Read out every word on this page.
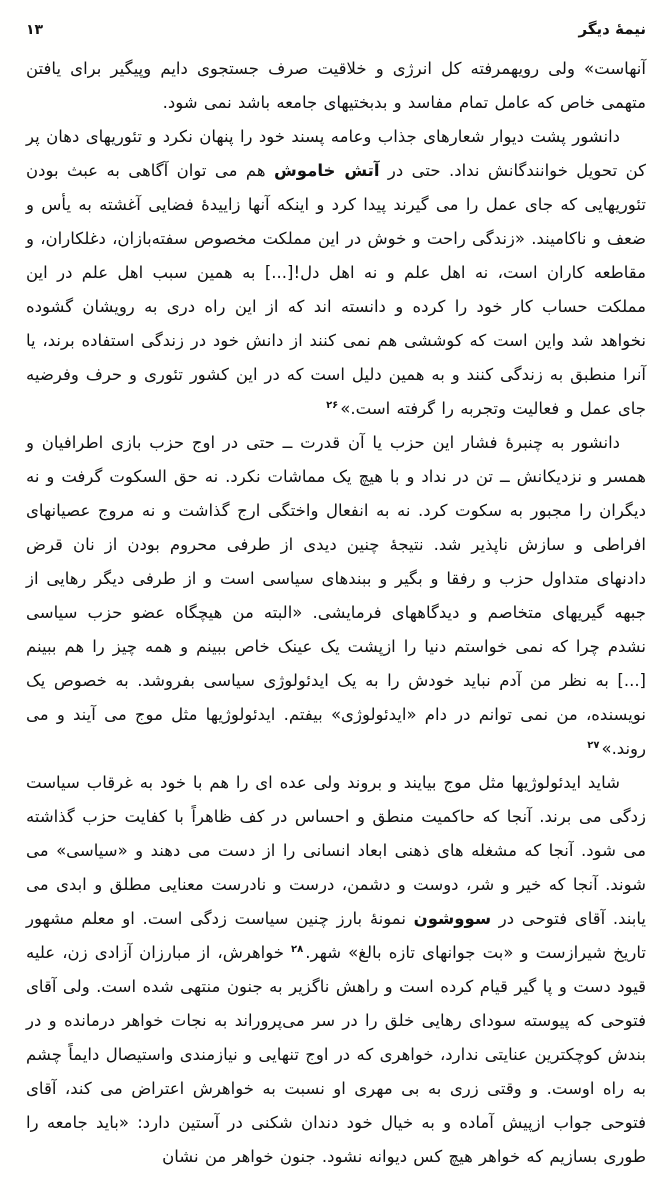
۱۳	نیمهٔ دیگر

آنهاست» ولی رویهمرفته کل انرژی و خلاقیت صرف جستجوی دایم وپیگیر برای یافتن متهمی خاص که عامل تمام مفاسد و بدبختیهای جامعه باشد نمی شود.

دانشور پشت دیوار شعارهای جذاب وعامه پسند خود را پنهان نکرد و تئوریهای دهان پر کن تحویل خوانندگانش نداد. حتی در آتش خاموش هم می توان آگاهی به عبث بودن تئوریهایی که جای عمل را می گیرند پیدا کرد و اینکه آنها زاییدهٔ فضایی آغشته به یأس و ضعف و ناکامیند. «زندگی راحت و خوش در این مملکت مخصوص سفته‌بازان، دغلکاران، و مقاطعه کاران است، نه اهل علم و نه اهل دل![...] به همین سبب اهل علم در این مملکت حساب کار خود را کرده و دانسته اند که از این راه دری به رویشان گشوده نخواهد شد واین است که کوششی هم نمی کنند از دانش خود در زندگی استفاده برند، یا آنرا منطبق به زندگی کنند و به همین دلیل است که در این کشور تئوری و حرف وفرضیه جای عمل و فعالیت وتجربه را گرفته است.»$^{۲۶}$

دانشور به چنبرهٔ فشار این حزب یا آن قدرت ــ حتی در اوج حزب بازی اطرافیان و همسر و نزدیکانش ــ تن در نداد و با هیچ یک مماشات نکرد. نه حق السکوت گرفت و نه دیگران را مجبور به سکوت کرد. نه به انفعال واختگی ارج گذاشت و نه مروج عصیانهای افراطی و سازش ناپذیر شد. نتیجهٔ چنین دیدی از طرفی محروم بودن از نان قرض دادنهای متداول حزب و رفقا و بگیر و ببندهای سیاسی است و از طرفی دیگر رهایی از جبهه گیریهای متخاصم و دیدگاههای فرمایشی. «البته من هیچگاه عضو حزب سیاسی نشدم چرا که نمی خواستم دنیا را ازپشت یک عینک خاص ببینم و همه چیز را هم ببینم [...] به نظر من آدم نباید خودش را به یک ایدئولوژی سیاسی بفروشد. به خصوص یک نویسنده، من نمی توانم در دام «ایدئولوژی» بیفتم. ایدئولوژیها مثل موج می آیند و می روند.»$^{۲۷}$

شاید ایدئولوژیها مثل موج بیایند و بروند ولی عده ای را هم با خود به غرقاب سیاست زدگی می برند. آنجا که حاکمیت منطق و احساس در کف ظاهراً با کفایت حزب گذاشته می شود. آنجا که مشغله های ذهنی ابعاد انسانی را از دست می دهند و «سیاسی» می شوند. آنجا که خیر و شر، دوست و دشمن، درست و نادرست معنایی مطلق و ابدی می یابند. آقای فتوحی در سووشون نمونهٔ بارز چنین سیاست زدگی است. او معلم مشهور تاریخ شیرازست و «بت جوانهای تازه بالغ» شهر.$^{۲۸}$ خواهرش، از مبارزان آزادی زن، علیه قیود دست و پا گیر قیام کرده است و راهش ناگزیر به جنون منتهی شده است. ولی آقای فتوحی که پیوسته سودای رهایی خلق را در سر می‌پروراند به نجات خواهر درمانده و در بندش کوچکترین عنایتی ندارد، خواهری که در اوج تنهایی و نیازمندی واستیصال دایماً چشم به راه اوست. و وقتی زری به بی مهری او نسبت به خواهرش اعتراض می کند، آقای فتوحی جواب ازپیش آماده و به خیال خود دندان شکنی در آستین دارد: «باید جامعه را طوری بسازیم که خواهر هیچ کس دیوانه نشود. جنون خواهر من نشان
